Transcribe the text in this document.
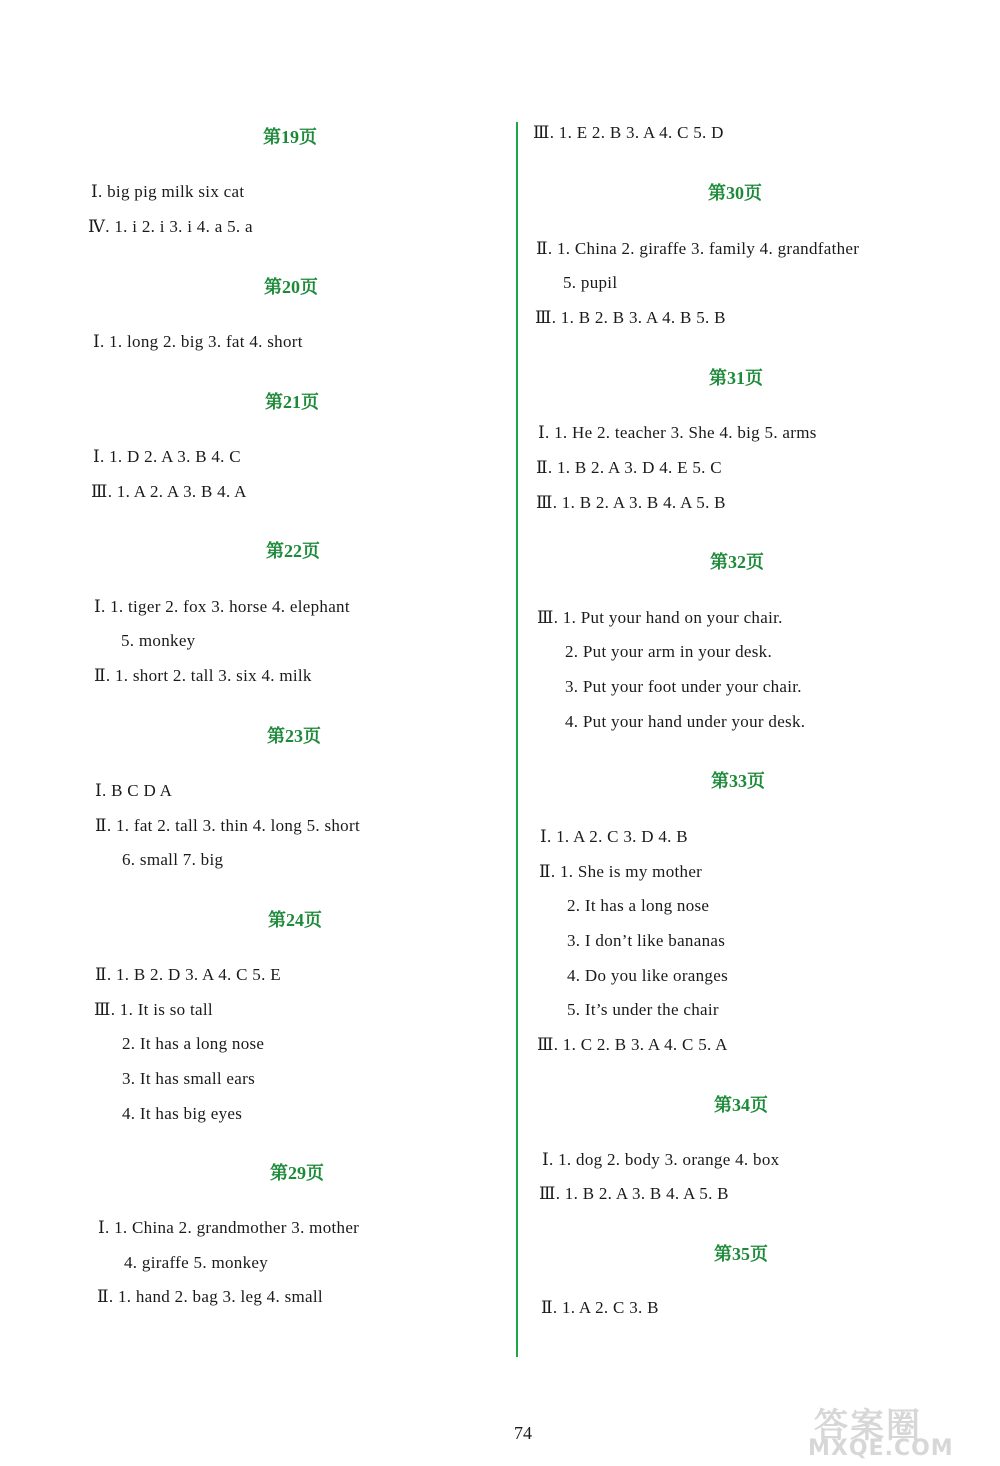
第19页
Ⅰ. big pig milk six cat
Ⅳ. 1. i 2. i 3. i 4. a 5. a
第20页
Ⅰ. 1. long 2. big 3. fat 4. short
第21页
Ⅰ. 1. D 2. A 3. B 4. C
Ⅲ. 1. A 2. A 3. B 4. A
第22页
Ⅰ. 1. tiger 2. fox 3. horse 4. elephant
5. monkey
Ⅱ. 1. short 2. tall 3. six 4. milk
第23页
Ⅰ. B C D A
Ⅱ. 1. fat 2. tall 3. thin 4. long 5. short
6. small 7. big
第24页
Ⅱ. 1. B 2. D 3. A 4. C 5. E
Ⅲ. 1. It is so tall
2. It has a long nose
3. It has small ears
4. It has big eyes
第29页
Ⅰ. 1. China 2. grandmother 3. mother
4. giraffe 5. monkey
Ⅱ. 1. hand 2. bag 3. leg 4. small
Ⅲ. 1. E 2. B 3. A 4. C 5. D
第30页
Ⅱ. 1. China 2. giraffe 3. family 4. grandfather
5. pupil
Ⅲ. 1. B 2. B 3. A 4. B 5. B
第31页
Ⅰ. 1. He 2. teacher 3. She 4. big 5. arms
Ⅱ. 1. B 2. A 3. D 4. E 5. C
Ⅲ. 1. B 2. A 3. B 4. A 5. B
第32页
Ⅲ. 1. Put your hand on your chair.
2. Put your arm in your desk.
3. Put your foot under your chair.
4. Put your hand under your desk.
第33页
Ⅰ. 1. A 2. C 3. D 4. B
Ⅱ. 1. She is my mother
2. It has a long nose
3. I don’t like bananas
4. Do you like oranges
5. It’s under the chair
Ⅲ. 1. C 2. B 3. A 4. C 5. A
第34页
Ⅰ. 1. dog 2. body 3. orange 4. box
Ⅲ. 1. B 2. A 3. B 4. A 5. B
第35页
Ⅱ. 1. A 2. C 3. B
74	答案圈
MXQE.COM
